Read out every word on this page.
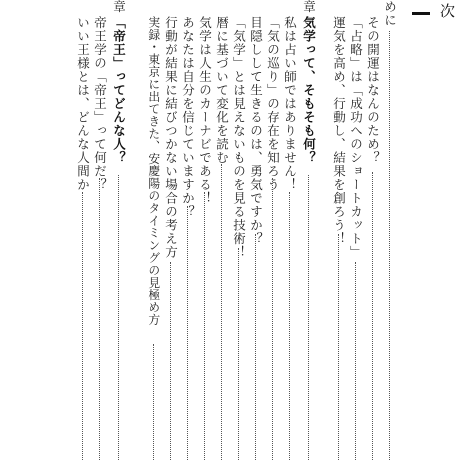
次
めに
その開運はなんのため？
「占略」は「成功へのショートカット」
運気を高め、行動し、結果を創ろう！
章
気学って、そもそも何？
私は占い師ではありません！
「気の巡り」の存在を知ろう
目隠しして生きるのは、勇気ですか？
「気学」とは見えないものを見る技術！
暦に基づいて変化を読む
気学は人生のカーナビである！
あなたは自分を信じていますか？
行動が結果に結びつかない場合の考え方
実録・東京に出てきた、安慶陽のタイミングの見極め方
章
「帝王」ってどんな人？
帝王学の「帝王」って何だ？
いい王様とは、どんな人間か
